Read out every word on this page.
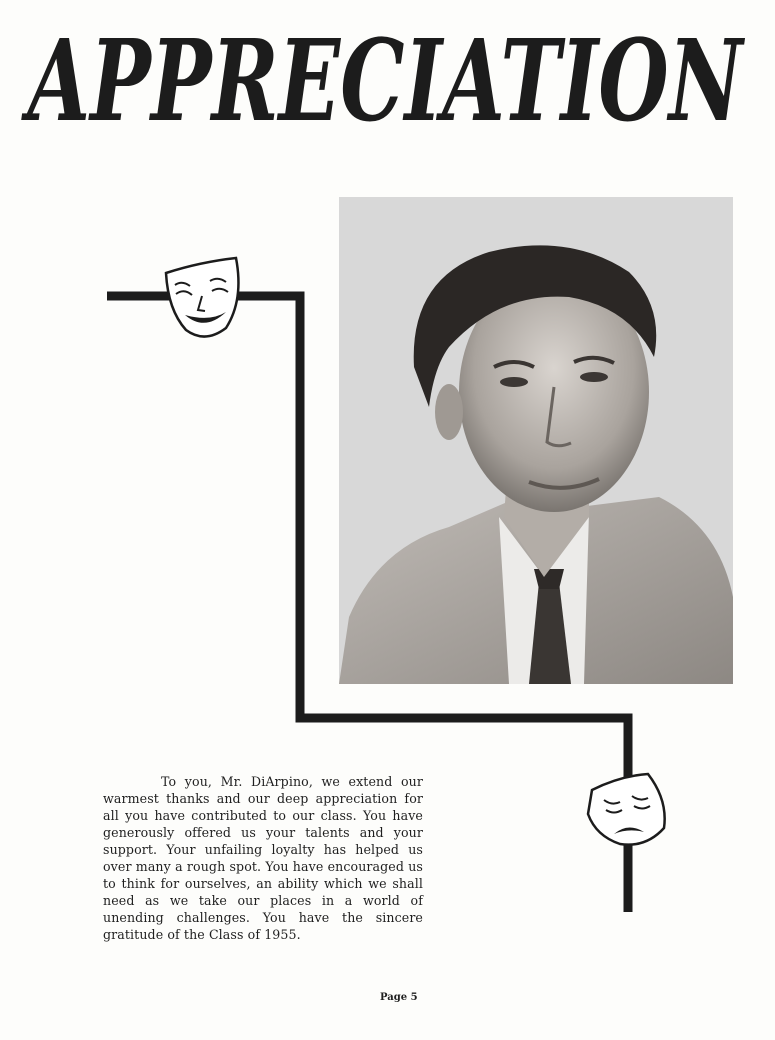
APPRECIATION

To you, Mr. DiArpino, we extend our warmest thanks and our deep appreciation for all you have contributed to our class. You have generously offered us your talents and your support. Your unfailing loyalty has helped us over many a rough spot. You have encouraged us to think for ourselves, an ability which we shall need as we take our places in a world of unending challenges. You have the sincere gratitude of the Class of 1955.

Page 5
